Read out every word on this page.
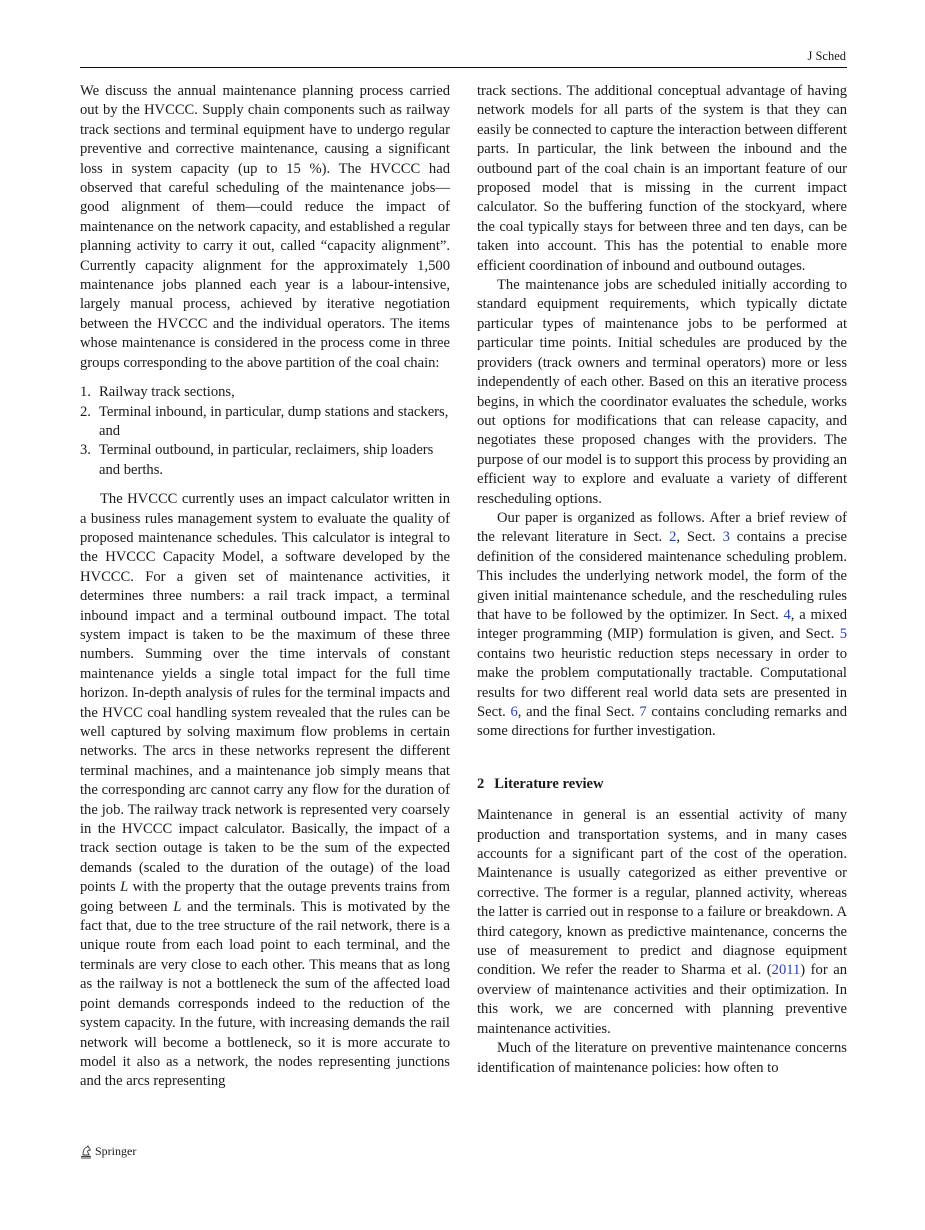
J Sched

We discuss the annual maintenance planning process carried out by the HVCCC. Supply chain components such as railway track sections and terminal equipment have to undergo regular preventive and corrective maintenance, causing a significant loss in system capacity (up to 15 %). The HVCCC had observed that careful scheduling of the maintenance jobs—good alignment of them—could reduce the impact of maintenance on the network capacity, and established a regular planning activity to carry it out, called “capacity alignment”. Currently capacity alignment for the approximately 1,500 maintenance jobs planned each year is a labour-intensive, largely manual process, achieved by iterative negotiation between the HVCCC and the individual operators. The items whose maintenance is considered in the process come in three groups corresponding to the above partition of the coal chain:

1. Railway track sections,
2. Terminal inbound, in particular, dump stations and stackers, and
3. Terminal outbound, in particular, reclaimers, ship loaders and berths.

The HVCCC currently uses an impact calculator written in a business rules management system to evaluate the quality of proposed maintenance schedules. This calculator is integral to the HVCCC Capacity Model, a software developed by the HVCCC. For a given set of maintenance activities, it determines three numbers: a rail track impact, a terminal inbound impact and a terminal outbound impact. The total system impact is taken to be the maximum of these three numbers. Summing over the time intervals of constant maintenance yields a single total impact for the full time horizon. In-depth analysis of rules for the terminal impacts and the HVCC coal handling system revealed that the rules can be well captured by solving maximum flow problems in certain networks. The arcs in these networks represent the different terminal machines, and a maintenance job simply means that the corresponding arc cannot carry any flow for the duration of the job. The railway track network is represented very coarsely in the HVCCC impact calculator. Basically, the impact of a track section outage is taken to be the sum of the expected demands (scaled to the duration of the outage) of the load points L with the property that the outage prevents trains from going between L and the terminals. This is motivated by the fact that, due to the tree structure of the rail network, there is a unique route from each load point to each terminal, and the terminals are very close to each other. This means that as long as the railway is not a bottleneck the sum of the affected load point demands corresponds indeed to the reduction of the system capacity. In the future, with increasing demands the rail network will become a bottleneck, so it is more accurate to model it also as a network, the nodes representing junctions and the arcs representing

track sections. The additional conceptual advantage of having network models for all parts of the system is that they can easily be connected to capture the interaction between different parts. In particular, the link between the inbound and the outbound part of the coal chain is an important feature of our proposed model that is missing in the current impact calculator. So the buffering function of the stockyard, where the coal typically stays for between three and ten days, can be taken into account. This has the potential to enable more efficient coordination of inbound and outbound outages.

The maintenance jobs are scheduled initially according to standard equipment requirements, which typically dictate particular types of maintenance jobs to be performed at particular time points. Initial schedules are produced by the providers (track owners and terminal operators) more or less independently of each other. Based on this an iterative process begins, in which the coordinator evaluates the schedule, works out options for modifications that can release capacity, and negotiates these proposed changes with the providers. The purpose of our model is to support this process by providing an efficient way to explore and evaluate a variety of different rescheduling options.

Our paper is organized as follows. After a brief review of the relevant literature in Sect. 2, Sect. 3 contains a precise definition of the considered maintenance scheduling problem. This includes the underlying network model, the form of the given initial maintenance schedule, and the rescheduling rules that have to be followed by the optimizer. In Sect. 4, a mixed integer programming (MIP) formulation is given, and Sect. 5 contains two heuristic reduction steps necessary in order to make the problem computationally tractable. Computational results for two different real world data sets are presented in Sect. 6, and the final Sect. 7 contains concluding remarks and some directions for further investigation.

2 Literature review

Maintenance in general is an essential activity of many production and transportation systems, and in many cases accounts for a significant part of the cost of the operation. Maintenance is usually categorized as either preventive or corrective. The former is a regular, planned activity, whereas the latter is carried out in response to a failure or breakdown. A third category, known as predictive maintenance, concerns the use of measurement to predict and diagnose equipment condition. We refer the reader to Sharma et al. (2011) for an overview of maintenance activities and their optimization. In this work, we are concerned with planning preventive maintenance activities.

Much of the literature on preventive maintenance concerns identification of maintenance policies: how often to

Springer
